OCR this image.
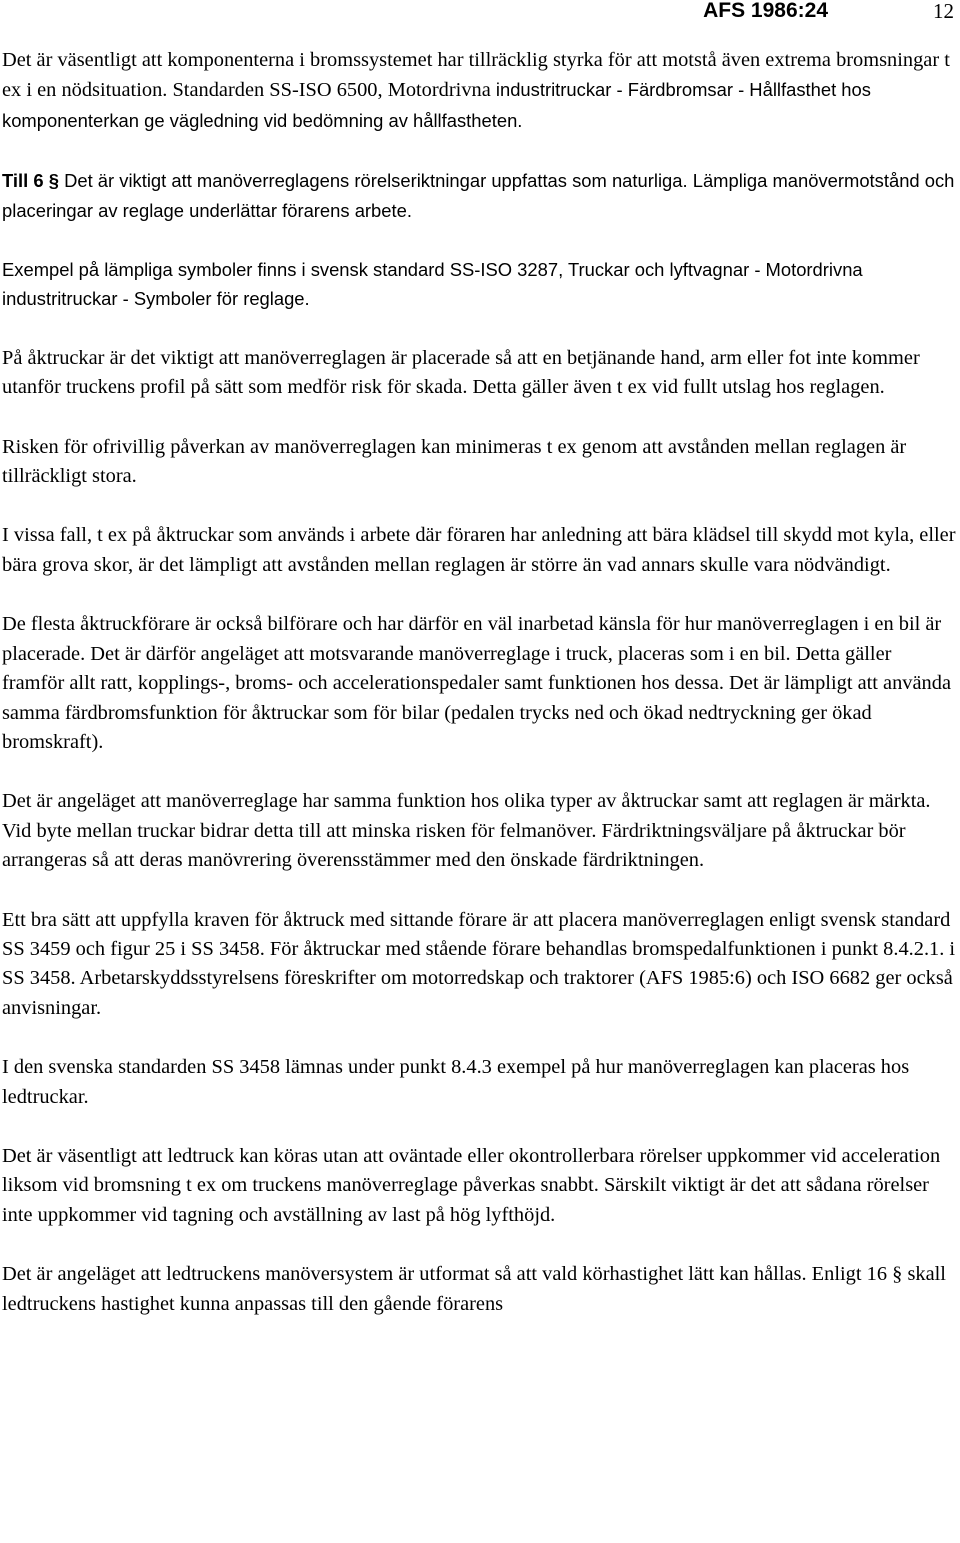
AFS 1986:24	12

Det är väsentligt att komponenterna i bromssystemet har tillräcklig styrka för att motstå även extrema bromsningar t ex i en nödsituation. Standarden SS-ISO 6500, Motordrivna industritruckar - Färdbromsar - Hållfasthet hos komponenterkan ge vägledning vid bedömning av hållfastheten.

Till 6 § Det är viktigt att manöverreglagens rörelseriktningar uppfattas som naturliga. Lämpliga manövermotstånd och placeringar av reglage underlättar förarens arbete.

Exempel på lämpliga symboler finns i svensk standard SS-ISO 3287, Truckar och lyftvagnar - Motordrivna industritruckar - Symboler för reglage.

På åktruckar är det viktigt att manöverreglagen är placerade så att en betjänande hand, arm eller fot inte kommer utanför truckens profil på sätt som medför risk för skada. Detta gäller även t ex vid fullt utslag hos reglagen.

Risken för ofrivillig påverkan av manöverreglagen kan minimeras t ex genom att avstånden mellan reglagen är tillräckligt stora.

I vissa fall, t ex på åktruckar som används i arbete där föraren har anledning att bära klädsel till skydd mot kyla, eller bära grova skor, är det lämpligt att avstånden mellan reglagen är större än vad annars skulle vara nödvändigt.

De flesta åktruckförare är också bilförare och har därför en väl inarbetad känsla för hur manöverreglagen i en bil är placerade. Det är därför angeläget att motsvarande manöverreglage i truck, placeras som i en bil. Detta gäller framför allt ratt, kopplings-, broms- och accelerationspedaler samt funktionen hos dessa. Det är lämpligt att använda samma färdbromsfunktion för åktruckar som för bilar (pedalen trycks ned och ökad nedtryckning ger ökad bromskraft).

Det är angeläget att manöverreglage har samma funktion hos olika typer av åktruckar samt att reglagen är märkta. Vid byte mellan truckar bidrar detta till att minska risken för felmanöver. Färdriktningsväljare på åktruckar bör arrangeras så att deras manövrering överensstämmer med den önskade färdriktningen.

Ett bra sätt att uppfylla kraven för åktruck med sittande förare är att placera manöverreglagen enligt svensk standard SS 3459 och figur 25 i SS 3458. För åktruckar med stående förare behandlas bromspedalfunktionen i punkt 8.4.2.1. i SS 3458. Arbetarskyddsstyrelsens föreskrifter om motorredskap och traktorer (AFS 1985:6) och ISO 6682 ger också anvisningar.

I den svenska standarden SS 3458 lämnas under punkt 8.4.3 exempel på hur manöverreglagen kan placeras hos ledtruckar.

Det är väsentligt att ledtruck kan köras utan att oväntade eller okontrollerbara rörelser uppkommer vid acceleration liksom vid bromsning t ex om truckens manöverreglage påverkas snabbt. Särskilt viktigt är det att sådana rörelser inte uppkommer vid tagning och avställning av last på hög lyfthöjd.

Det är angeläget att ledtruckens manöversystem är utformat så att vald körhastighet lätt kan hållas. Enligt 16 § skall ledtruckens hastighet kunna anpassas till den gående förarens
